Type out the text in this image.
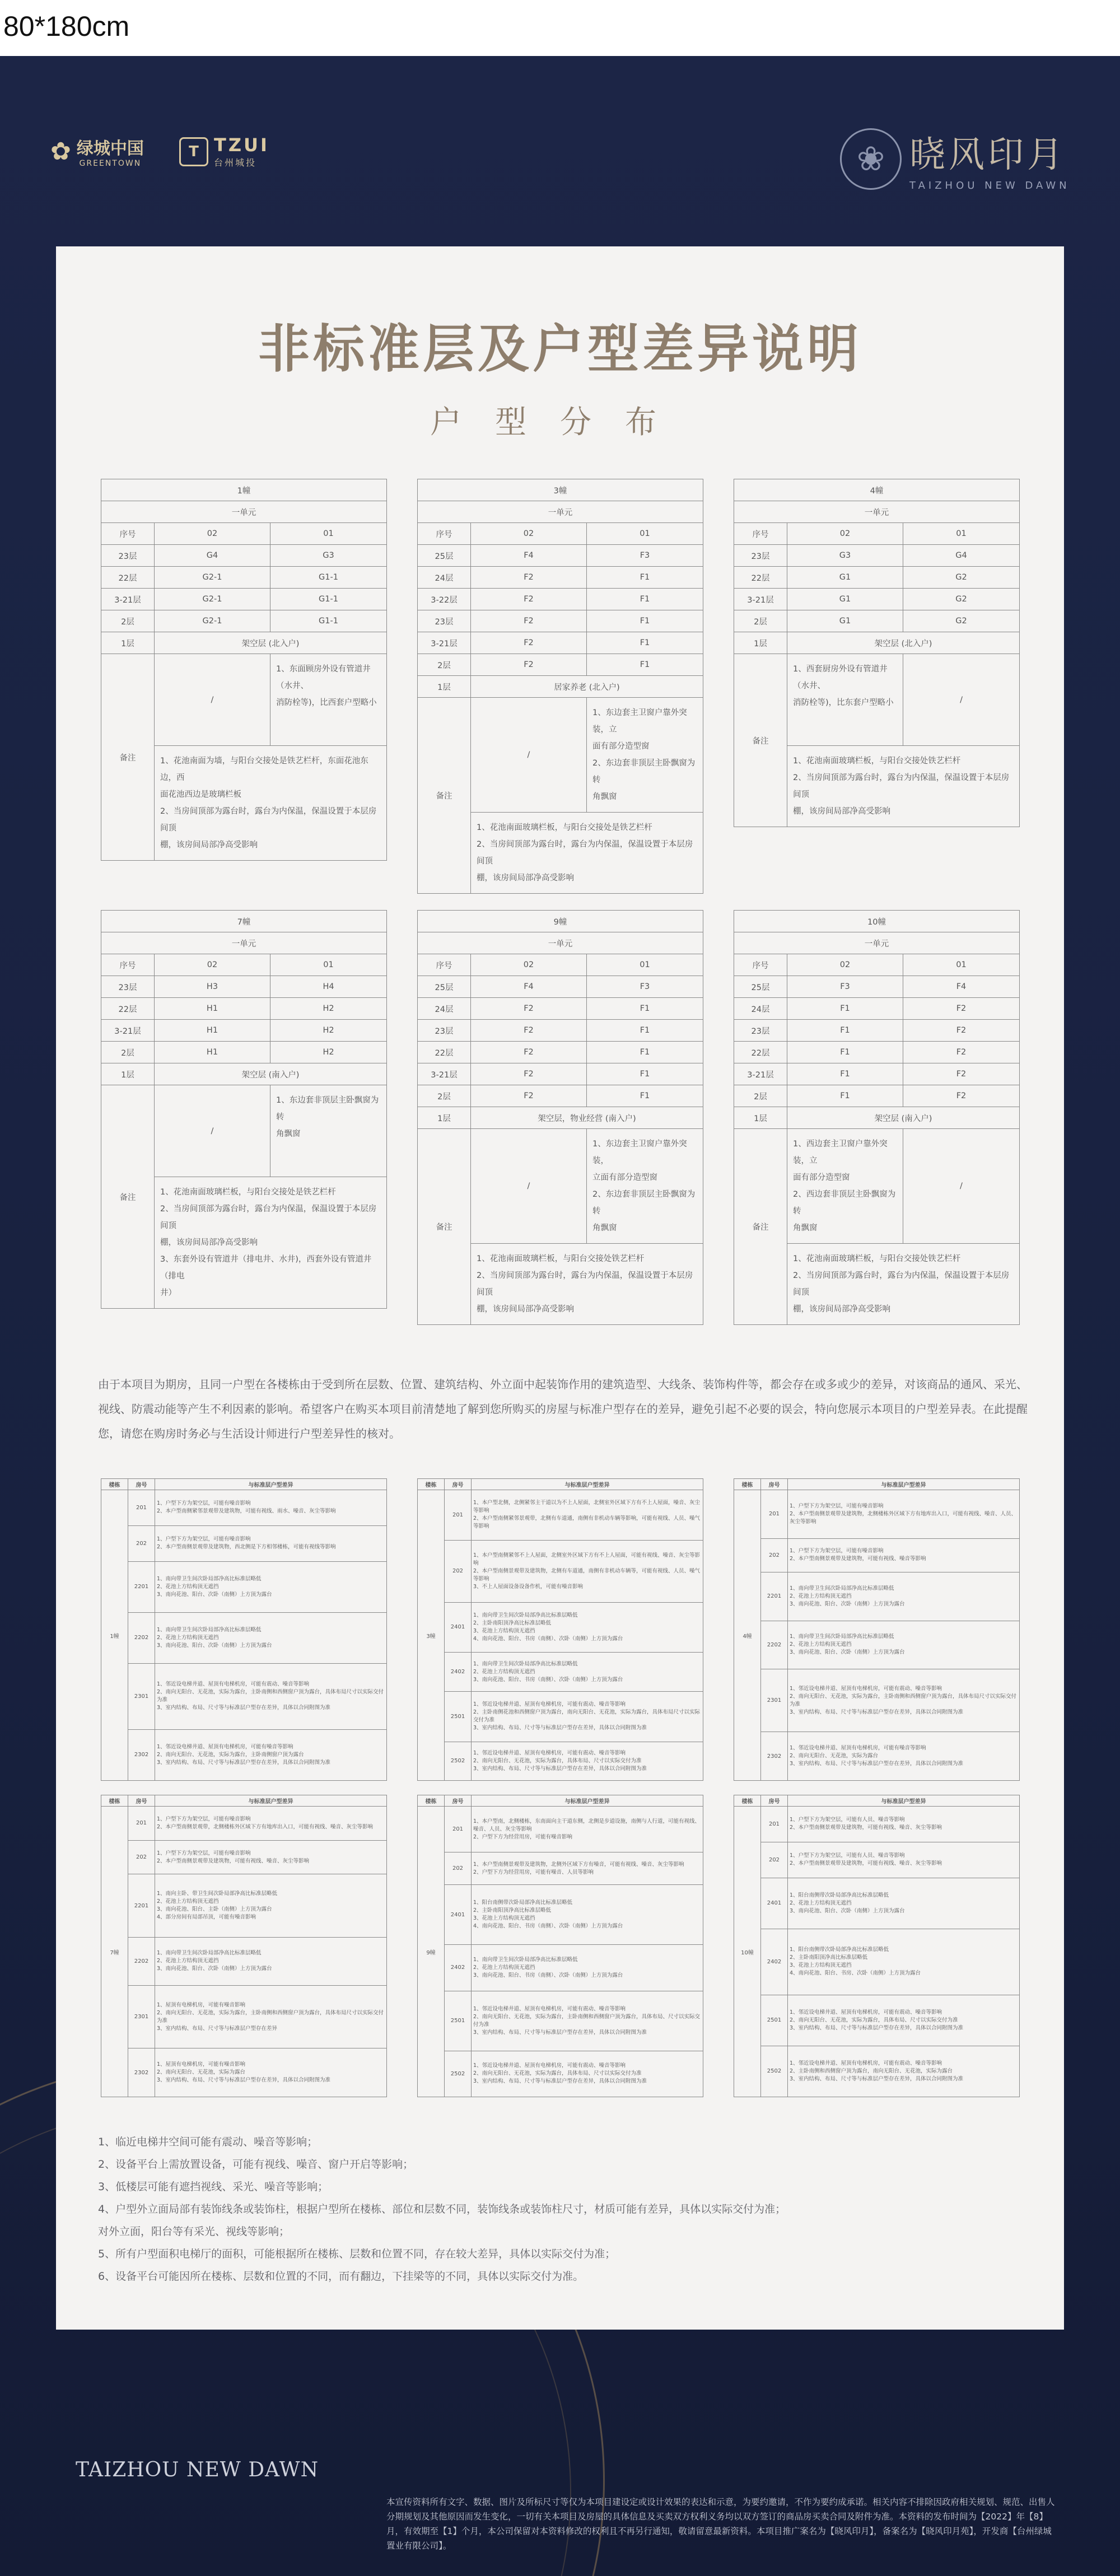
80*180cm
✿ 绿城中国
GREENTOWN
T TZUI
台州城投	❀ 晓风印月
TAIZHOU NEW DAWN
非标准层及户型差异说明
户型分布
1幢		
一单元		
序号	02	01
23层	G4	G3
22层	G2-1	G1-1
3-21层	G2-1	G1-1
2层	G2-1	G1-1
1层	架空层 (北入户)	
备注	/	1、东面顾房外设有管道井（水井、
消防栓等)，比西套户型略小

	1、花池南面为墙，与阳台交接处是铁艺栏杆，东面花池东边，西
面花池西边是玻璃栏板
2、当房间顶部为露台时，露台为内保温，保温设置于本层房间顶
棚，该房间局部净高受影响	
3幢		
一单元		
序号	02	01
25层	F4	F3
24层	F2	F1
3-22层	F2	F1
23层	F2	F1
3-21层	F2	F1
2层	F2	F1
1层	居家养老 (北入户)	
备注	/	1、东边套主卫窗户靠外突装，立
面有部分造型窗
2、东边套非顶层主卧飘窗为转
角飘窗

	1、花池南面玻璃栏板，与阳台交接处是铁艺栏杆
2、当房间顶部为露台时，露台为内保温，保温设置于本层房间顶
棚，该房间局部净高受影响	
4幢		
一单元		
序号	02	01
23层	G3	G4
22层	G1	G2
3-21层	G1	G2
2层	G1	G2
1层	架空层 (北入户)	
备注	1、西套厨房外设有管道井（水井、
消防栓等)，比东套户型略小	/

	1、花池南面玻璃栏板，与阳台交接处铁艺栏杆
2、当房间顶部为露台时，露台为内保温，保温设置于本层房间顶
棚，该房间局部净高受影响	
7幢		
一单元		
序号	02	01
23层	H3	H4
22层	H1	H2
3-21层	H1	H2
2层	H1	H2
1层	架空层 (南入户)	
备注	/	1、东边套非顶层主卧飘窗为转
角飘窗

	1、花池南面玻璃栏板，与阳台交接处是铁艺栏杆
2、当房间顶部为露台时，露台为内保温，保温设置于本层房间顶
棚，该房间局部净高受影响
3、东套外设有管道井（排电井、水井)，西套外设有管道井（排电
井）	
9幢		
一单元		
序号	02	01
25层	F4	F3
24层	F2	F1
23层	F2	F1
22层	F2	F1
3-21层	F2	F1
2层	F2	F1
1层	架空层，物业经营 (南入户)	
备注	/	1、东边套主卫窗户靠外突装，
立面有部分造型窗
2、东边套非顶层主卧飘窗为转
角飘窗

	1、花池南面玻璃栏板，与阳台交接处铁艺栏杆
2、当房间顶部为露台时，露台为内保温，保温设置于本层房间顶
棚，该房间局部净高受影响	
10幢		
一单元		
序号	02	01
25层	F3	F4
24层	F1	F2
23层	F1	F2
22层	F1	F2
3-21层	F1	F2
2层	F1	F2
1层	架空层 (南入户)	
备注	1、西边套主卫窗户靠外突装，立
面有部分造型窗
2、西边套非顶层主卧飘窗为转
角飘窗	/

	1、花池南面玻璃栏板，与阳台交接处铁艺栏杆
2、当房间顶部为露台时，露台为内保温，保温设置于本层房间顶
棚，该房间局部净高受影响	
由于本项目为期房，且同一户型在各楼栋由于受到所在层数、位置、建筑结构、外立面中起装饰作用的建筑造型、大线条、装饰构件等，都会存在或多或少的差异，对该商品的通风、采光、视线、防震动能等产生不利因素的影响。希望客户在购买本项目前清楚地了解到您所购买的房屋与标准户型存在的差异，避免引起不必要的误会，特向您展示本项目的户型差异表。在此提醒您，请您在购房时务必与生活设计师进行户型差异性的核对。
楼栋	房号	与标准层户型差异
1幢	201	1、户型下方为架空层，可能有噪音影响
2、本户型南侧紧邻景观带及建筑物，可能有视线、雨水、噪音、灰尘等影响

	202	1、户型下方为架空层，可能有噪音影响
2、本户型南侧景观带及建筑物，西北侧是下方相邻楼栋，可能有视线等影响

	2201	1、南向带卫生间次卧局部净高比标准层略低
2、花池上方结构顶无遮挡
3、南向花池、阳台、次卧（南侧）上方顶为露台

	2202	1、南向带卫生间次卧局部净高比标准层略低
2、花池上方结构顶无遮挡
3、南向花池、阳台、次卧（南侧）上方顶为露台

	2301	1、邻近设电梯井道、屋顶有电梯机房，可能有震动、噪音等影响
2、南向无阳台、无花池，实际为露台，主卧南侧和西侧窗户顶为露台，具体布局尺寸以实际交付为准
3、室内结构、布局、尺寸等与标准层户型存在差异，具体以合同附图为准

	2302	1、邻近设电梯井道、屋顶有电梯机房，可能有噪音等影响
2、南向无阳台、无花池，实际为露台，主卧南侧窗户顶为露台
3、室内结构、布局、尺寸等与标准层户型存在差异，具体以合同附图为准
楼栋	房号	与标准层户型差异
3幢	201	1、本户型北侧，北侧紧邻主干道以为不上人屋面，北侧室外区域下方有不上人屋面，噪音、灰尘等影响
2、本户型南侧紧邻景观带，北侧有车道通，南侧有非机动车辆等影响，可能有视线、人员、噪气等影响

	202	1、本户型南侧紧邻不上人屋面，北侧室外区域下方有不上人屋面，可能有视线、噪音、灰尘等影响
2、本户型南侧景观带及建筑物，北侧有车道通，南侧有非机动车辆等，可能有视线、人员、噪气等影响
3、不上人屋面设备设备作机，可能有噪音影响

	2401	1、南向带卫生间次卧局部净高比标准层略低
2、主卧南阳顶净高比标准层略低
3、花池上方结构顶无遮挡
4、南向花池、阳台、书房（南侧）、次卧（南侧）上方顶为露台

	2402	1、南向带卫生间次卧局部净高比标准层略低
2、花池上方结构顶无遮挡
3、南向花池、阳台、书房（南侧）、次卧（南侧）上方顶为露台

	2501	1、邻近设电梯井道、屋顶有电梯机房，可能有震动、噪音等影响
2、主卧南侧花池和西侧窗户顶为露台，南向无阳台、无花池，实际为露台，具体布局尺寸以实际交付为准
3、室内结构、布局、尺寸等与标准层户型存在差异，具体以合同附图为准

	2502	1、邻近设电梯井道、屋顶有电梯机房，可能有震动、噪音等影响
2、南向无阳台、无花池，实际为露台，具体布局、尺寸以实际交付为准
3、室内结构、布局、尺寸等与标准层户型存在差异，具体以合同附图为准
楼栋	房号	与标准层户型差异
4幢	201	1、户型下方为架空层，可能有噪音影响
2、本户型南侧景观带及建筑物，北侧楼栋外区域下方有地库出入口，可能有视线、噪音、人员、灰尘等影响

	202	1、户型下方为架空层，可能有噪音影响
2、本户型南侧景观带及建筑物，可能有视线、噪音等影响

	2201	1、南向带卫生间次卧局部净高比标准层略低
2、花池上方结构顶无遮挡
3、南向花池、阳台、次卧（南侧）上方顶为露台

	2202	1、南向带卫生间次卧局部净高比标准层略低
2、花池上方结构顶无遮挡
3、南向花池、阳台、次卧（南侧）上方顶为露台

	2301	1、邻近设电梯井道、屋顶有电梯机房，可能有震动、噪音等影响
2、南向无阳台、无花池，实际为露台，主卧南侧和西侧窗户顶为露台，具体布局尺寸以实际交付为准
3、室内结构、布局、尺寸等与标准层户型存在差异，具体以合同附图为准

	2302	1、邻近设电梯井道、屋顶有电梯机房，可能有噪音等影响
2、南向无阳台、无花池，实际为露台
3、室内结构、布局、尺寸等与标准层户型存在差异，具体以合同附图为准
楼栋	房号	与标准层户型差异
7幢	201	1、户型下方为架空层，可能有噪音影响
2、本户型南侧景观带，北侧楼栋外区域下方有地库出入口，可能有视线、噪音、灰尘等影响

	202	1、户型下方为架空层，可能有噪音影响
2、本户型南侧景观带及建筑物，可能有视线、噪音、灰尘等影响

	2201	1、南向主卧、带卫生间次卧局部净高比标准层略低
2、花池上方结构顶无遮挡
3、南向花池、阳台、主卧（南侧）上方顶为露台
4、部分房间有局部吊顶，可能有噪音影响

	2202	1、南向带卫生间次卧局部净高比标准层略低
2、花池上方结构顶无遮挡
3、南向花池、阳台、次卧（南侧）上方顶为露台

	2301	1、屋顶有电梯机房，可能有噪音影响
2、南向无阳台、无花池，实际为露台，主卧南侧和西侧窗户顶为露台，具体布局尺寸以实际交付为准
3、室内结构、布局、尺寸等与标准层户型存在差异

	2302	1、屋顶有电梯机房，可能有噪音影响
2、南向无阳台、无花池，实际为露台
3、室内结构、布局、尺寸等与标准层户型存在差异，具体以合同附图为准
楼栋	房号	与标准层户型差异
9幢	201	1、本户型南，北侧楼栋，东南面向主干道东侧，北侧是步道设施，南侧与人行道，可能有视线、噪音、人员、灰尘等影响
2、户型下方为经营用房，可能有噪音影响

	202	1、本户型南侧景观带及建筑物，北侧外区域下方有噪音，可能有视线、噪音、灰尘等影响
2、户型下方为经营用房，可能有噪音、人员等影响

	2401	1、阳台南侧带次卧局部净高比标准层略低
2、主卧南阳顶净高比标准层略低
3、花池上方结构顶无遮挡
4、南向花池、阳台、书房（南侧）、次卧（南侧）上方顶为露台

	2402	1、南向带卫生间次卧局部净高比标准层略低
2、花池上方结构顶无遮挡
3、南向花池、阳台、书房（南侧）、次卧（南侧）上方顶为露台

	2501	1、邻近设电梯井道、屋顶有电梯机房，可能有震动、噪音等影响
2、南向无阳台、无花池，实际为露台，主卧南侧和西侧窗户顶为露台，具体布局、尺寸以实际交付为准
3、室内结构、布局、尺寸等与标准层户型存在差异，具体以合同附图为准

	2502	1、邻近设电梯井道、屋顶有电梯机房，可能有震动、噪音等影响
2、南向无阳台、无花池，实际为露台，具体布局、尺寸以实际交付为准
3、室内结构、布局、尺寸等与标准层户型存在差异，具体以合同附图为准
楼栋	房号	与标准层户型差异
10幢	201	1、户型下方为架空层，可能有人员、噪音等影响
2、本户型南侧景观带及建筑物，可能有视线、噪音、灰尘等影响

	202	1、户型下方为架空层，可能有人员、噪音等影响
2、本户型南侧景观带及建筑物，可能有视线、噪音、灰尘等影响

	2401	1、阳台南侧带次卧局部净高比标准层略低
2、花池上方结构顶无遮挡
3、南向花池、阳台、次卧（南侧）上方顶为露台

	2402	1、阳台南侧带次卧局部净高比标准层略低
2、主卧南阳顶净高比标准层略低
3、花池上方结构顶无遮挡
4、南向花池、阳台、书房、次卧（南侧）上方顶为露台

	2501	1、邻近设电梯井道、屋顶有电梯机房，可能有震动、噪音等影响
2、南向无阳台、无花池，实际为露台，具体布局、尺寸以实际交付为准
3、室内结构、布局、尺寸等与标准层户型存在差异，具体以合同附图为准

	2502	1、邻近设电梯井道、屋顶有电梯机房，可能有震动、噪音等影响
2、主卧南侧和西侧窗户顶为露台，南向无阳台、无花池，实际为露台
3、室内结构、布局、尺寸等与标准层户型存在差异，具体以合同附图为准
1、临近电梯井空间可能有震动、噪音等影响；
2、设备平台上需放置设备，可能有视线、噪音、窗户开启等影响；
3、低楼层可能有遮挡视线、采光、噪音等影响；
4、户型外立面局部有装饰线条或装饰柱，根据户型所在楼栋、部位和层数不同，装饰线条或装饰柱尺寸，材质可能有差异，具体以实际交付为准；
对外立面，阳台等有采光、视线等影响；
5、所有户型面积电梯厅的面积，可能根据所在楼栋、层数和位置不同，存在较大差异，具体以实际交付为准；
6、设备平台可能因所在楼栋、层数和位置的不同，而有翻边，下挂梁等的不同，具体以实际交付为准。
TAIZHOU NEW DAWN
本宣传资料所有文字、数据、图片及所标尺寸等仅为本项目建设定或设计效果的表达和示意，为要约邀请，不作为要约成承诺。相关内容不排除因政府相关规划、规范、出售人分期规划及其他原因而发生变化，一切有关本项目及房屋的具体信息及买卖双方权利义务均以双方签订的商品房买卖合同及附件为准。本资料的发布时间为【2022】年【8】月，有效期至【1】个月，本公司保留对本资料修改的权利且不再另行通知，敬请留意最新资料。本项目推广案名为【晓风印月】，备案名为【晓风印月苑】，开发商【台州绿城置业有限公司】。
